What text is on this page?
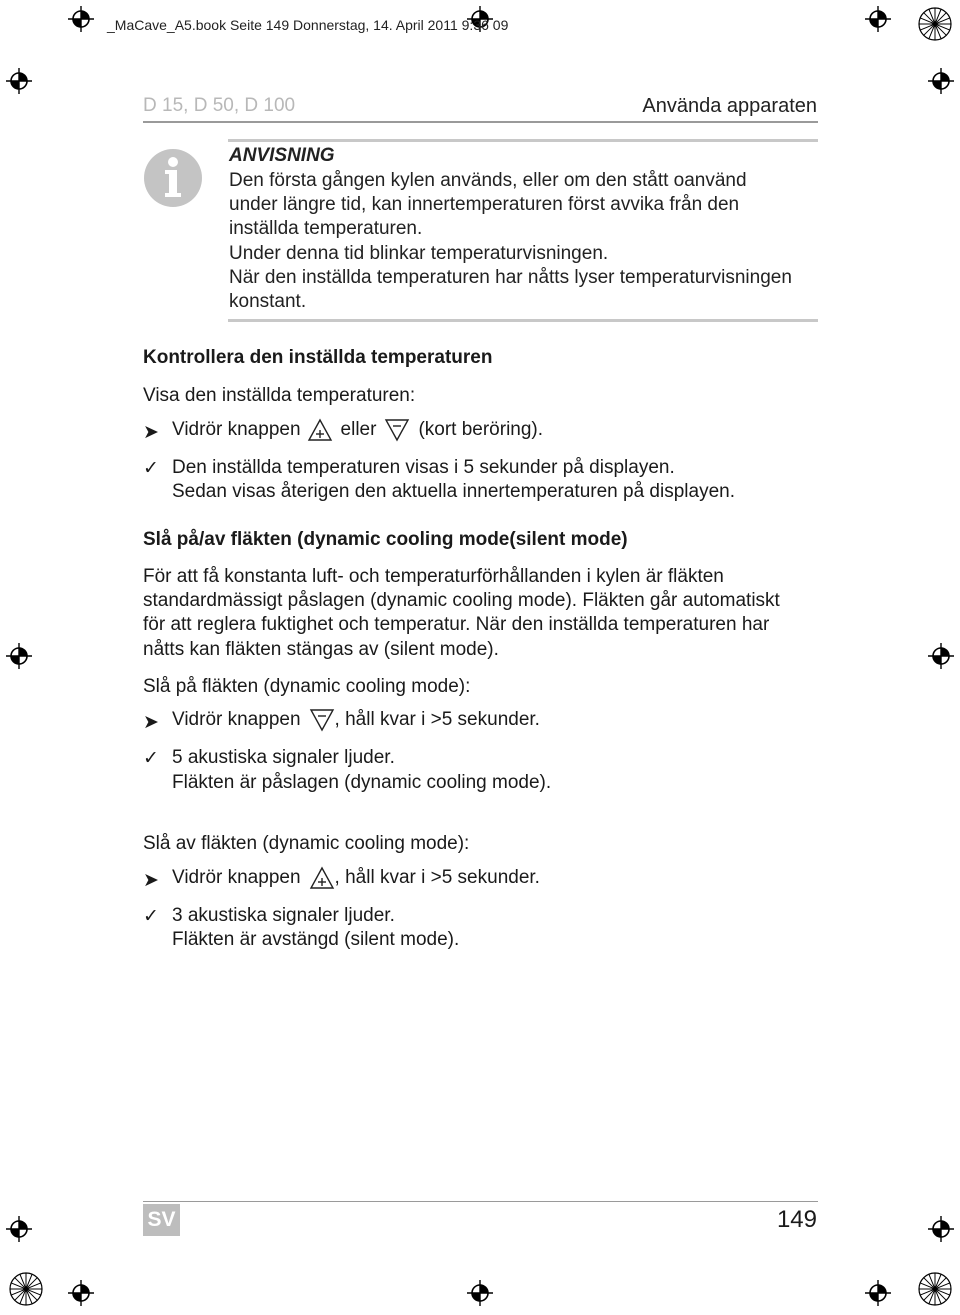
_MaCave_A5.book Seite 149 Donnerstag, 14. April 2011 9:36 09
D 15, D 50, D 100	Använda apparaten
ANVISNING
Den första gången kylen används, eller om den stått oanvänd
under längre tid, kan innertemperaturen först avvika från den
inställda temperaturen.
Under denna tid blinkar temperaturvisningen.
När den inställda temperaturen har nåtts lyser temperaturvisningen
konstant.
Kontrollera den inställda temperaturen
Visa den inställda temperaturen:
➤ Vidrör knappen eller (kort beröring).
✓ Den inställda temperaturen visas i 5 sekunder på displayen.
Sedan visas återigen den aktuella innertemperaturen på displayen.
Slå på/av fläkten (dynamic cooling mode(silent mode)
För att få konstanta luft- och temperaturförhållanden i kylen är fläkten
standardmässigt påslagen (dynamic cooling mode). Fläkten går automatiskt
för att reglera fuktighet och temperatur. När den inställda temperaturen har
nåtts kan fläkten stängas av (silent mode).
Slå på fläkten (dynamic cooling mode):
➤ Vidrör knappen , håll kvar i >5 sekunder.
✓ 5 akustiska signaler ljuder.
Fläkten är påslagen (dynamic cooling mode).
Slå av fläkten (dynamic cooling mode):
➤ Vidrör knappen , håll kvar i >5 sekunder.
✓ 3 akustiska signaler ljuder.
Fläkten är avstängd (silent mode).
SV	149
